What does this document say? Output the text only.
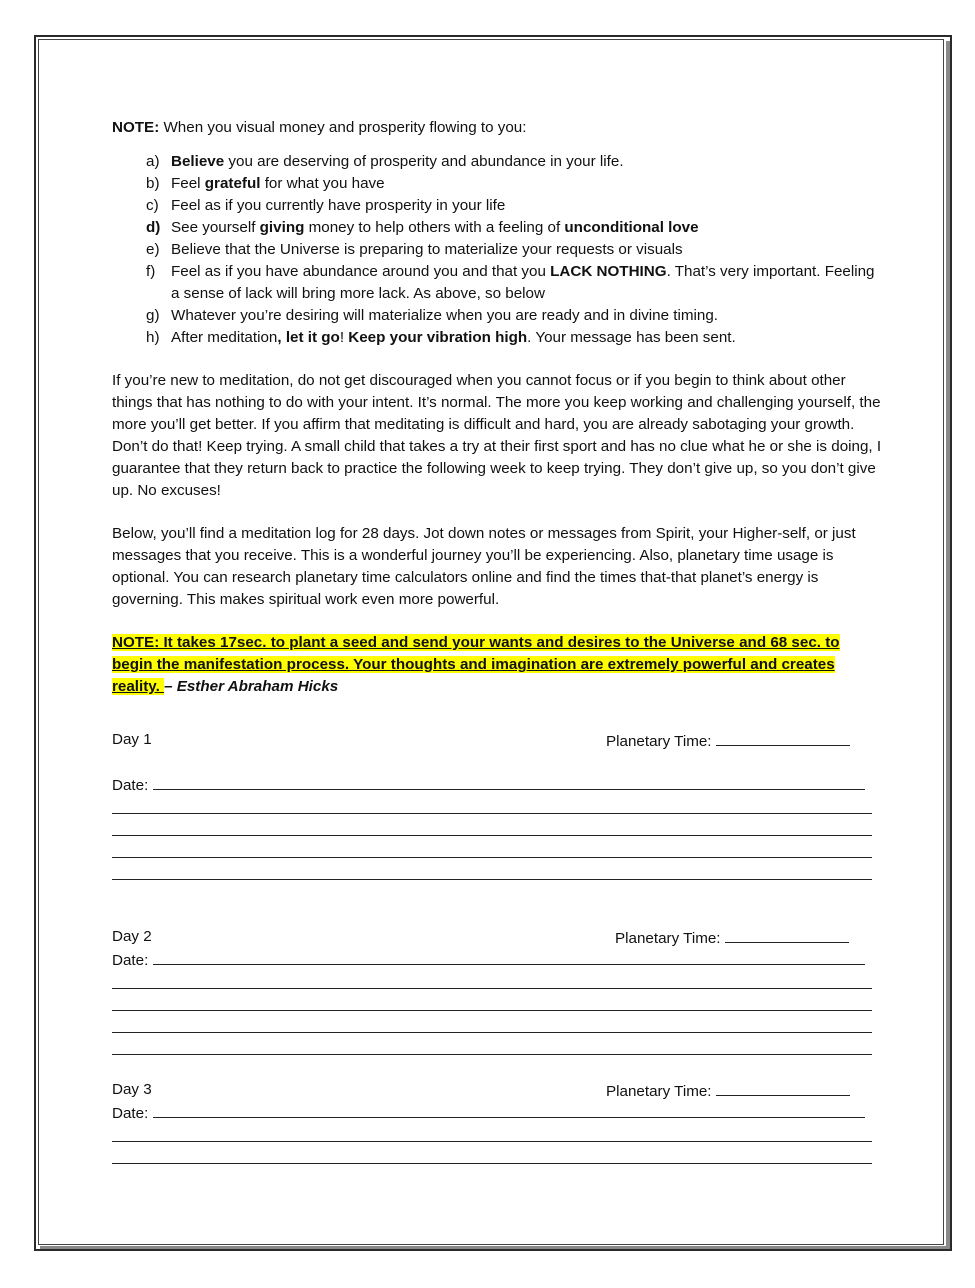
NOTE: When you visual money and prosperity flowing to you:

a) Believe you are deserving of prosperity and abundance in your life.
b) Feel grateful for what you have
c) Feel as if you currently have prosperity in your life
d) See yourself giving money to help others with a feeling of unconditional love
e) Believe that the Universe is preparing to materialize your requests or visuals
f) Feel as if you have abundance around you and that you LACK NOTHING. That’s very important. Feeling a sense of lack will bring more lack. As above, so below
g) Whatever you’re desiring will materialize when you are ready and in divine timing.
h) After meditation, let it go! Keep your vibration high. Your message has been sent.

If you’re new to meditation, do not get discouraged when you cannot focus or if you begin to think about other things that has nothing to do with your intent. It’s normal. The more you keep working and challenging yourself, the more you’ll get better. If you affirm that meditating is difficult and hard, you are already sabotaging your growth. Don’t do that! Keep trying. A small child that takes a try at their first sport and has no clue what he or she is doing, I guarantee that they return back to practice the following week to keep trying. They don’t give up, so you don’t give up. No excuses!

Below, you’ll find a meditation log for 28 days. Jot down notes or messages from Spirit, your Higher-self, or just messages that you receive. This is a wonderful journey you’ll be experiencing. Also, planetary time usage is optional. You can research planetary time calculators online and find the times that-that planet’s energy is governing. This makes spiritual work even more powerful.

NOTE: It takes 17sec. to plant a seed and send your wants and desires to the Universe and 68 sec. to begin the manifestation process. Your thoughts and imagination are extremely powerful and creates reality. – Esther Abraham Hicks

Day 1	Planetary Time:
Date:
Day 2	Planetary Time:
Date:
Day 3	Planetary Time:
Date:
